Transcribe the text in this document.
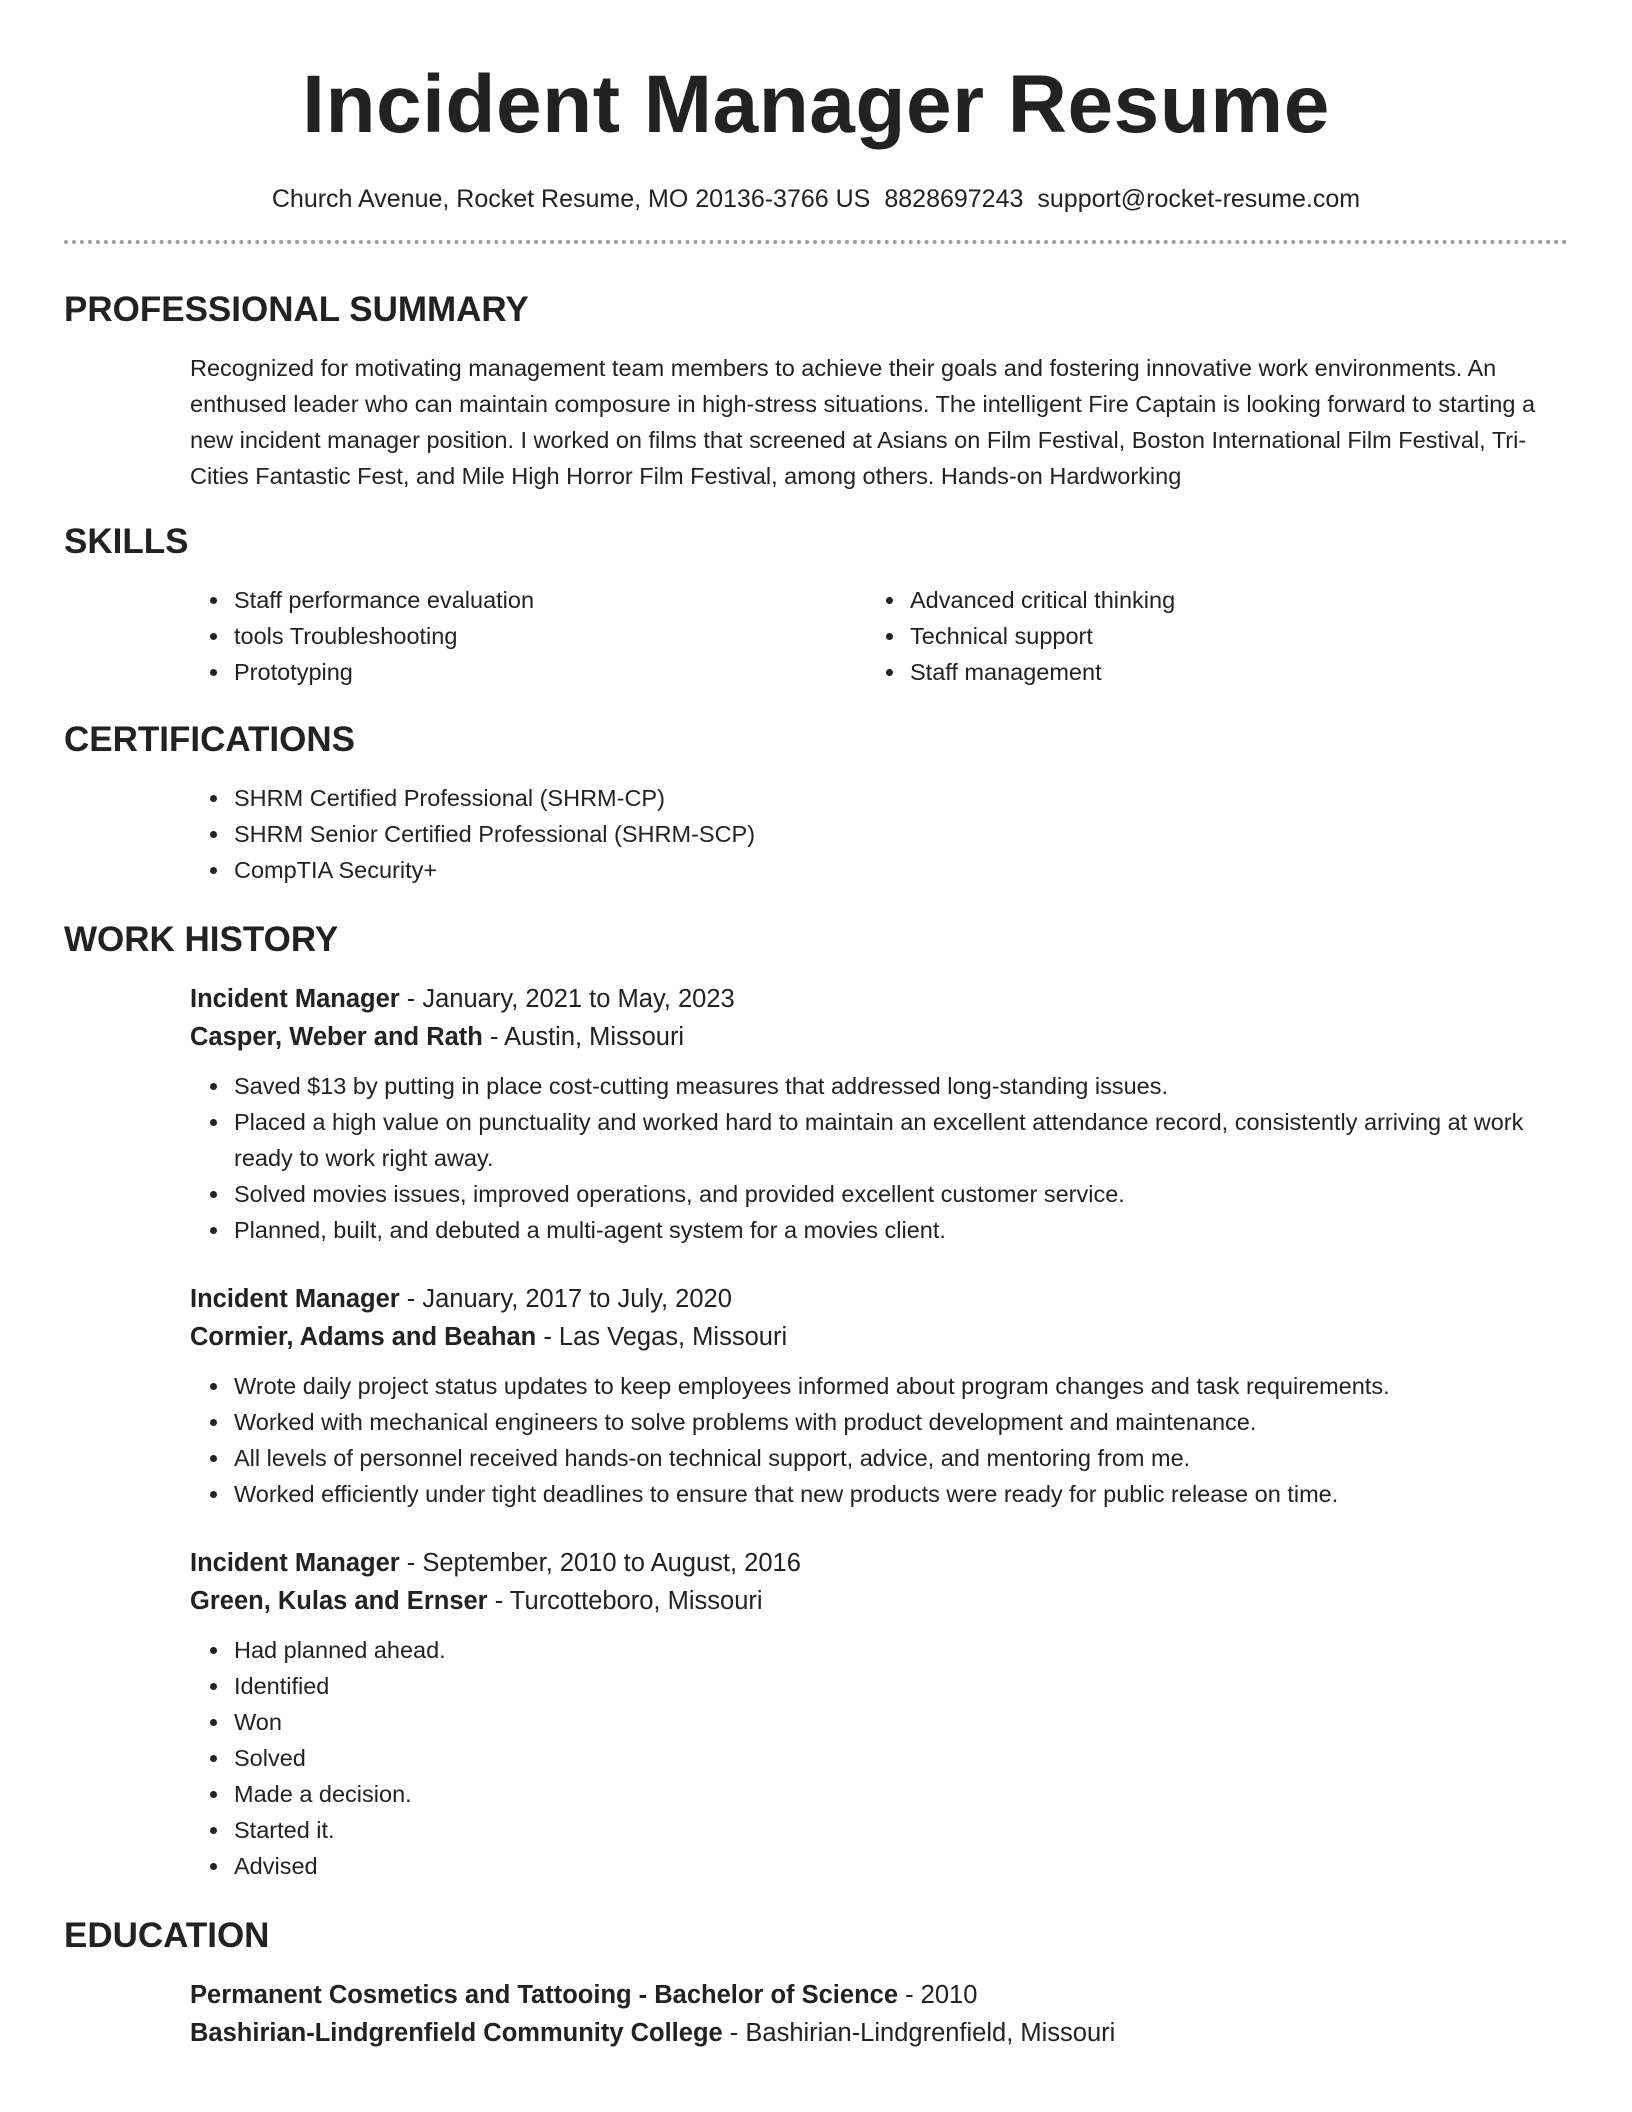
Incident Manager Resume
Church Avenue, Rocket Resume, MO 20136-3766 US 8828697243 support@rocket-resume.com
PROFESSIONAL SUMMARY

Recognized for motivating management team members to achieve their goals and fostering innovative work environments. An enthused leader who can maintain composure in high-stress situations. The intelligent Fire Captain is looking forward to starting a new incident manager position. I worked on films that screened at Asians on Film Festival, Boston International Film Festival, Tri-Cities Fantastic Fest, and Mile High Horror Film Festival, among others. Hands-on Hardworking

SKILLS
Staff performance evaluation
tools Troubleshooting
Prototyping
Advanced critical thinking
Technical support
Staff management
CERTIFICATIONS
SHRM Certified Professional (SHRM-CP)
SHRM Senior Certified Professional (SHRM-SCP)
CompTIA Security+
WORK HISTORY
Incident Manager - January, 2021 to May, 2023
Casper, Weber and Rath - Austin, Missouri
Saved $13 by putting in place cost-cutting measures that addressed long-standing issues.
Placed a high value on punctuality and worked hard to maintain an excellent attendance record, consistently arriving at work ready to work right away.
Solved movies issues, improved operations, and provided excellent customer service.
Planned, built, and debuted a multi-agent system for a movies client.
Incident Manager - January, 2017 to July, 2020
Cormier, Adams and Beahan - Las Vegas, Missouri
Wrote daily project status updates to keep employees informed about program changes and task requirements.
Worked with mechanical engineers to solve problems with product development and maintenance.
All levels of personnel received hands-on technical support, advice, and mentoring from me.
Worked efficiently under tight deadlines to ensure that new products were ready for public release on time.
Incident Manager - September, 2010 to August, 2016
Green, Kulas and Ernser - Turcotteboro, Missouri
Had planned ahead.
Identified
Won
Solved
Made a decision.
Started it.
Advised
EDUCATION
Permanent Cosmetics and Tattooing - Bachelor of Science - 2010
Bashirian-Lindgrenfield Community College - Bashirian-Lindgrenfield, Missouri
